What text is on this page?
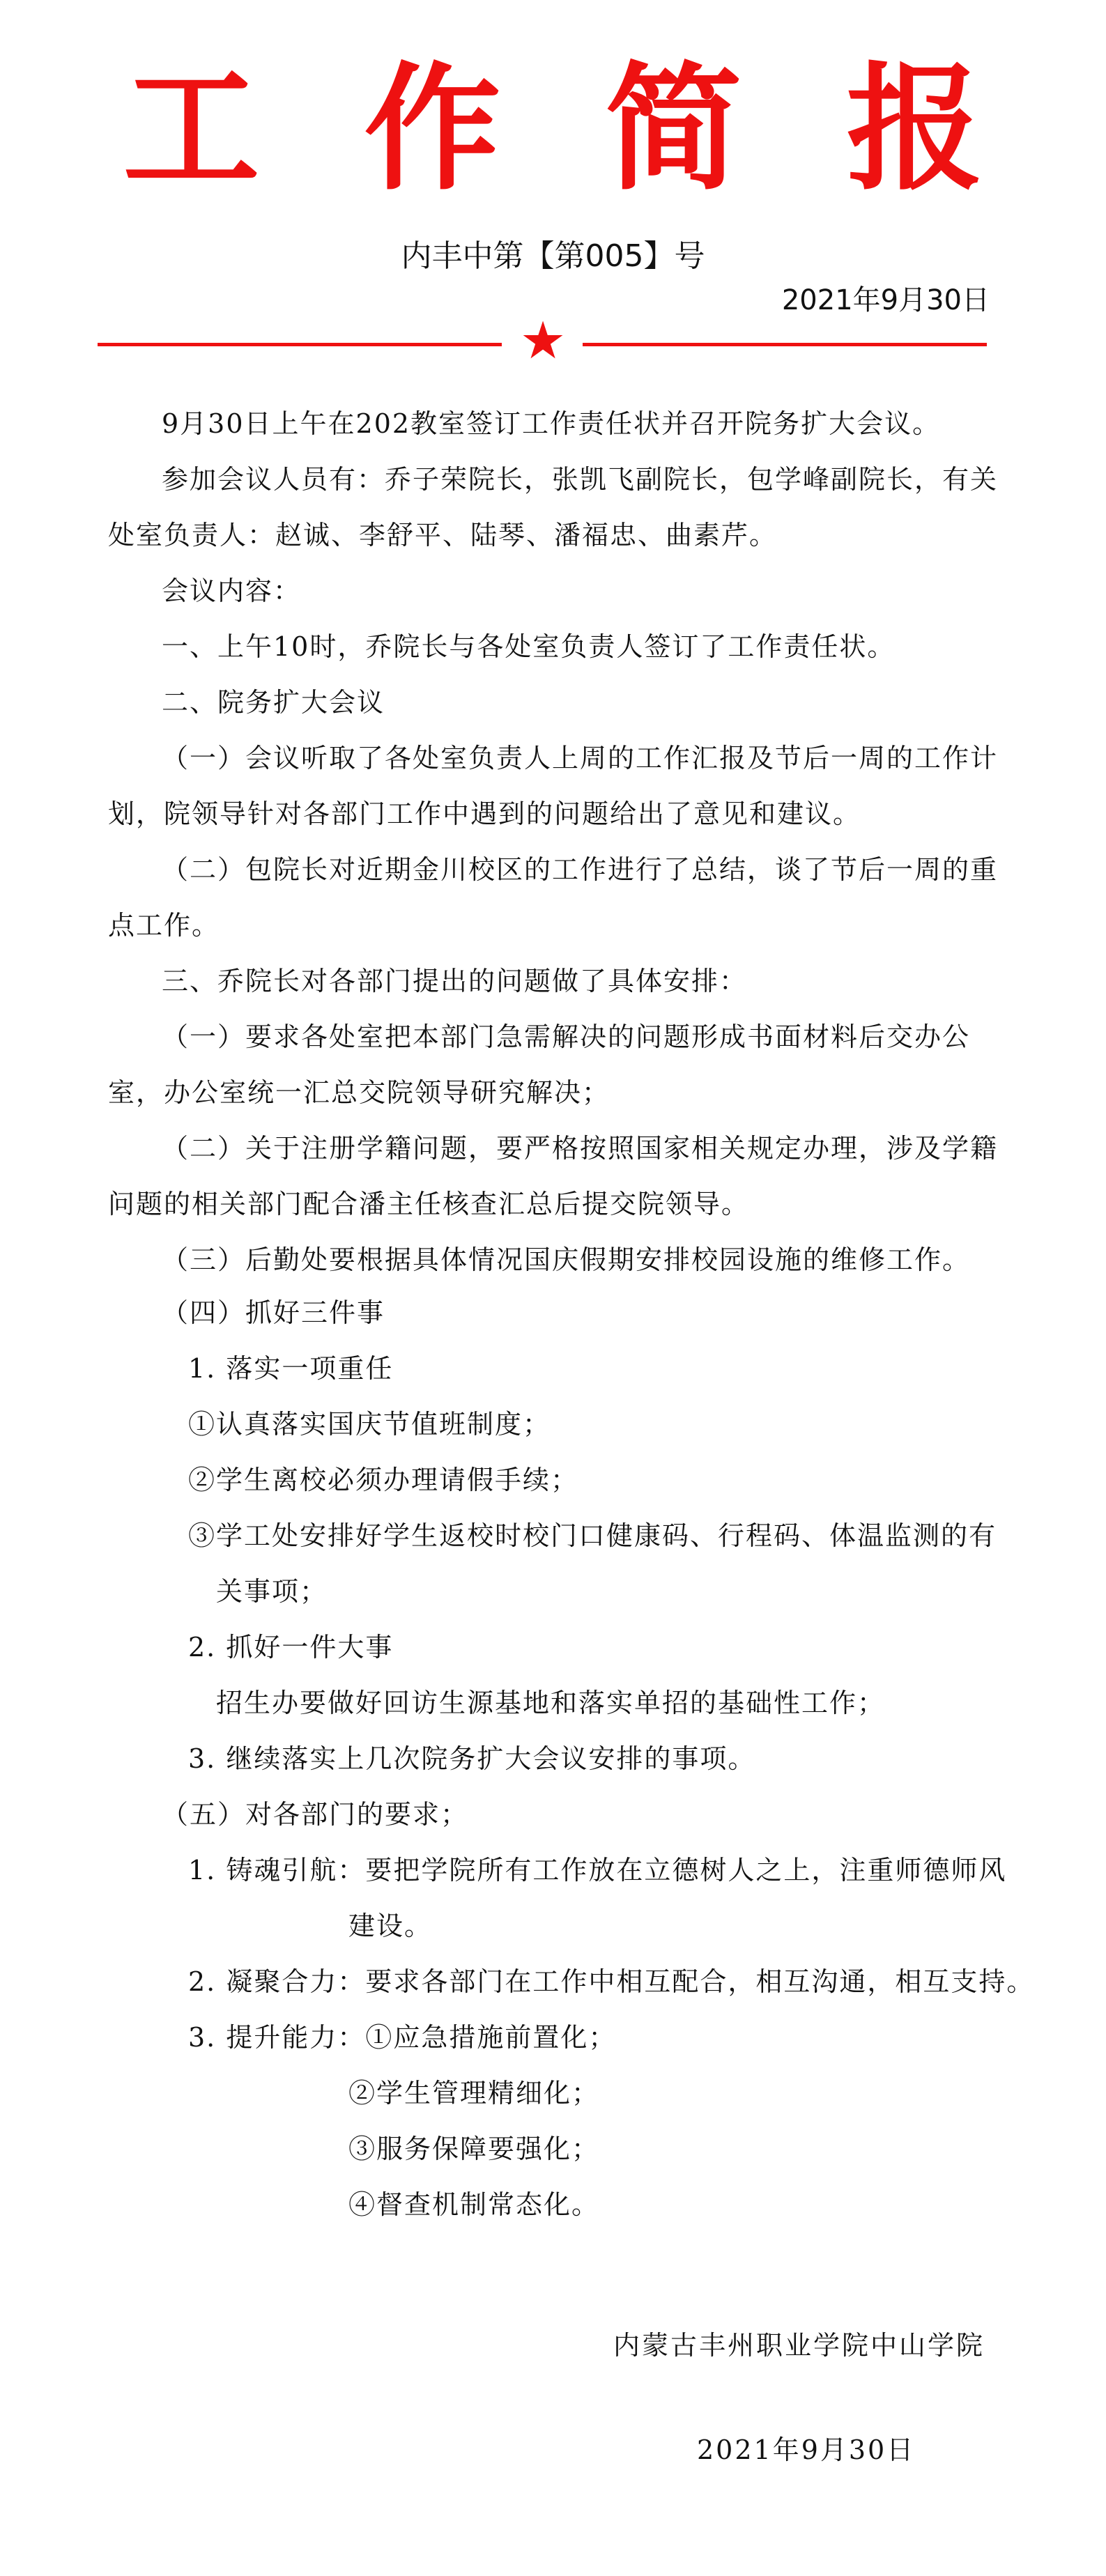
工作简报
内丰中第【第005】号
2021年9月30日
★
9月30日上午在202教室签订工作责任状并召开院务扩大会议。
参加会议人员有：乔子荣院长，张凯飞副院长，包学峰副院长，有关
处室负责人：赵诚、李舒平、陆琴、潘福忠、曲素芹。
会议内容：
一、上午10时，乔院长与各处室负责人签订了工作责任状。
二、院务扩大会议
（一）会议听取了各处室负责人上周的工作汇报及节后一周的工作计
划，院领导针对各部门工作中遇到的问题给出了意见和建议。
（二）包院长对近期金川校区的工作进行了总结，谈了节后一周的重
点工作。
三、乔院长对各部门提出的问题做了具体安排：
（一）要求各处室把本部门急需解决的问题形成书面材料后交办公
室，办公室统一汇总交院领导研究解决；
（二）关于注册学籍问题，要严格按照国家相关规定办理，涉及学籍
问题的相关部门配合潘主任核查汇总后提交院领导。
（三）后勤处要根据具体情况国庆假期安排校园设施的维修工作。
（四）抓好三件事
1. 落实一项重任
①认真落实国庆节值班制度；
②学生离校必须办理请假手续；
③学工处安排好学生返校时校门口健康码、行程码、体温监测的有
关事项；
2. 抓好一件大事
招生办要做好回访生源基地和落实单招的基础性工作；
3. 继续落实上几次院务扩大会议安排的事项。
（五）对各部门的要求；
1. 铸魂引航：要把学院所有工作放在立德树人之上，注重师德师风
建设。
2. 凝聚合力：要求各部门在工作中相互配合，相互沟通，相互支持。
3. 提升能力：①应急措施前置化；
②学生管理精细化；
③服务保障要强化；
④督查机制常态化。
内蒙古丰州职业学院中山学院
2021年9月30日
